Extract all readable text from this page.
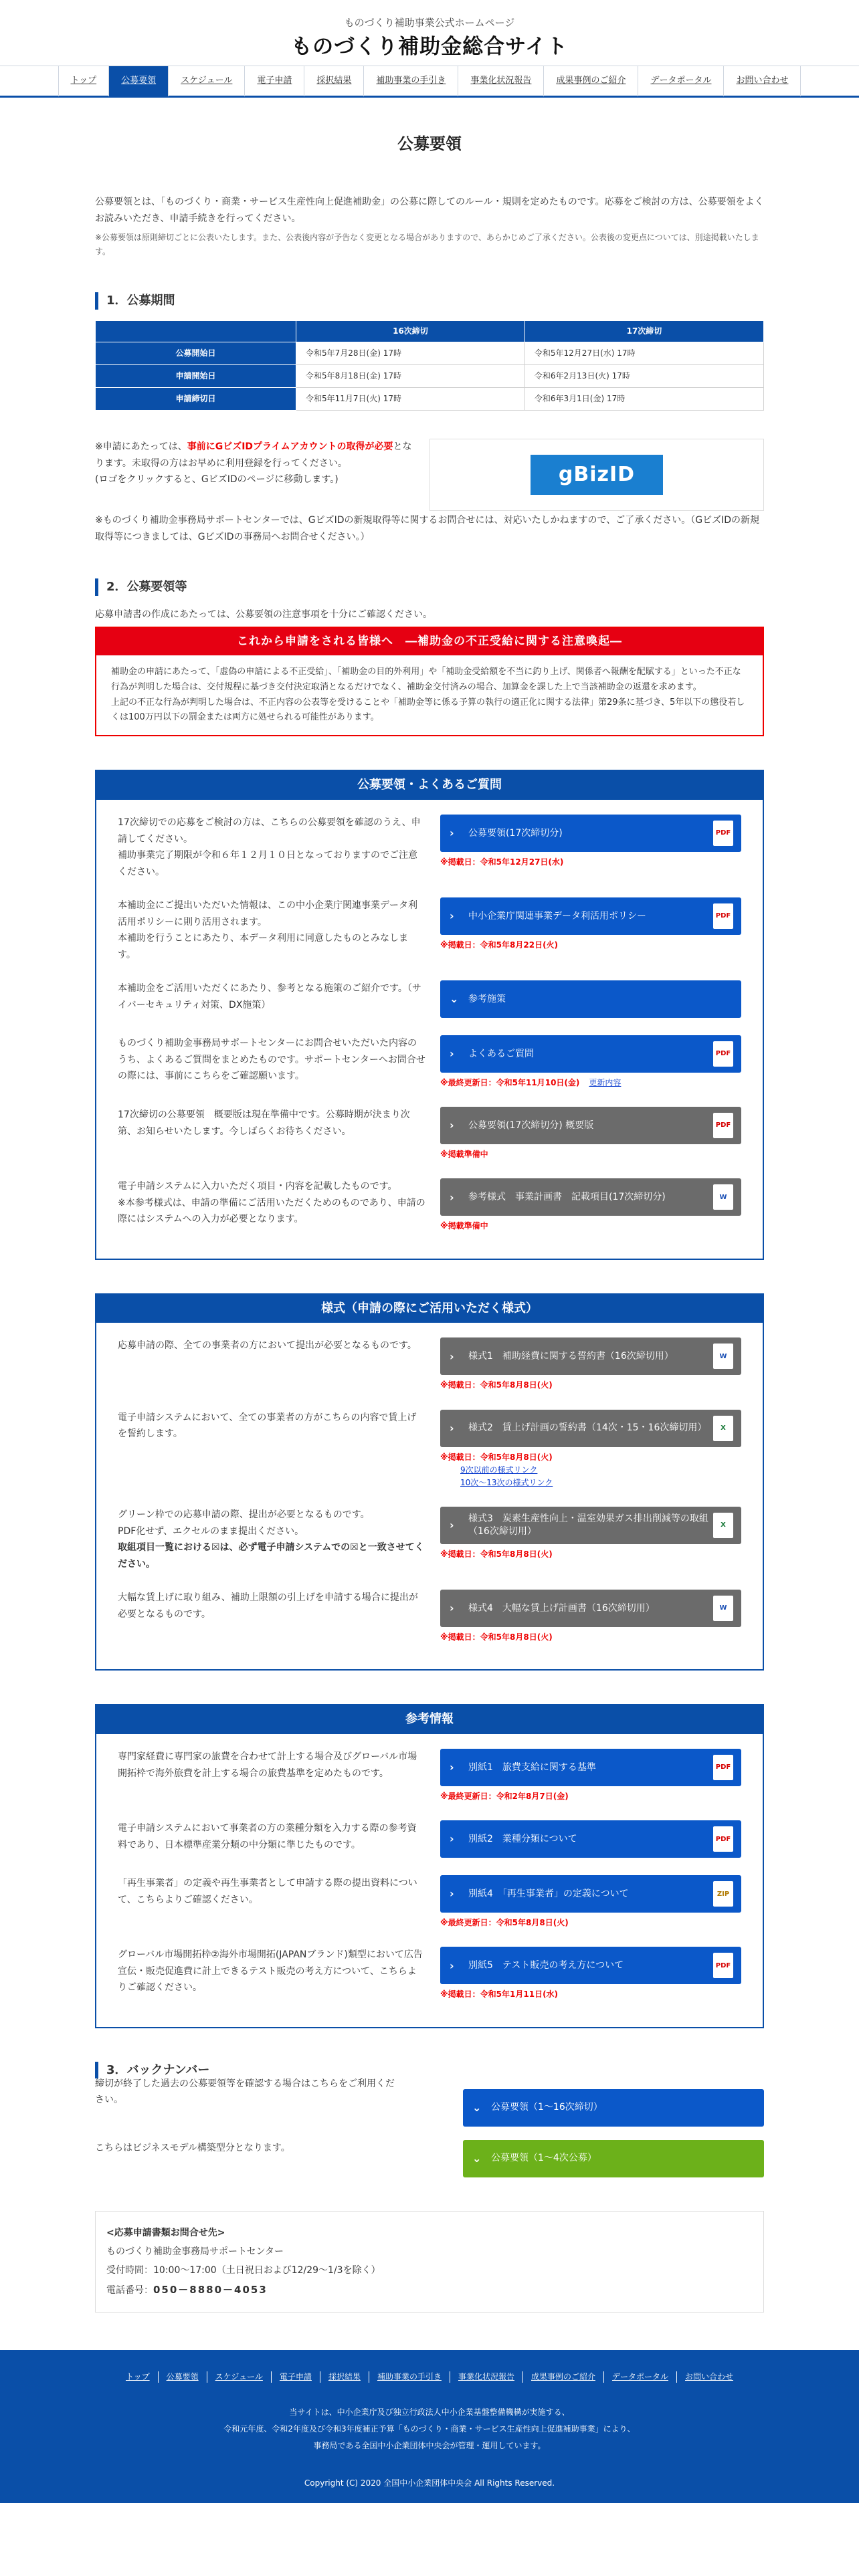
ものづくり補助事業公式ホームページ
ものづくり補助金総合サイト
トップ	公募要領	スケジュール	電子申請	採択結果	補助事業の手引き	事業化状況報告	成果事例のご紹介	データポータル	お問い合わせ
公募要領

公募要領とは、「ものづくり・商業・サービス生産性向上促進補助金」の公募に際してのルール・規則を定めたものです。応募をご検討の方は、公募要領をよくお読みいただき、申請手続きを行ってください。

※公募要領は原則締切ごとに公表いたします。また、公表後内容が予告なく変更となる場合がありますので、あらかじめご了承ください。公表後の変更点については、別途掲載いたします。

1．公募期間
	16次締切	17次締切
公募開始日	令和5年7月28日(金) 17時	令和5年12月27日(水) 17時
申請開始日	令和5年8月18日(金) 17時	令和6年2月13日(火) 17時
申請締切日	令和5年11月7日(火) 17時	令和6年3月1日(金) 17時

※申請にあたっては、事前にGビズIDプライムアカウントの取得が必要となります。未取得の方はお早めに利用登録を行ってください。
(ロゴをクリックすると、GビズIDのページに移動します。)	gBizID

※ものづくり補助金事務局サポートセンターでは、GビズIDの新規取得等に関するお問合せには、対応いたしかねますので、ご了承ください。（GビズIDの新規取得等につきましては、GビズIDの事務局へお問合せください。）

2．公募要領等

応募申請書の作成にあたっては、公募要領の注意事項を十分にご確認ください。

これから申請をされる皆様へ　―補助金の不正受給に関する注意喚起―

補助金の申請にあたって、「虚偽の申請による不正受給」、「補助金の目的外利用」や「補助金受給額を不当に釣り上げ、関係者へ報酬を配賦する」といった不正な行為が判明した場合は、交付規程に基づき交付決定取消となるだけでなく、補助金交付済みの場合、加算金を課した上で当該補助金の返還を求めます。

上記の不正な行為が判明した場合は、不正内容の公表等を受けることや「補助金等に係る予算の執行の適正化に関する法律」第29条に基づき、5年以下の懲役若しくは100万円以下の罰金または両方に処せられる可能性があります。

公募要領・よくあるご質問

17次締切での応募をご検討の方は、こちらの公募要領を確認のうえ、申請してください。
補助事業完了期限が令和６年１２月１０日となっておりますのでご注意ください。

›	公募要領(17次締切分)	PDF
※掲載日：令和5年12月27日(水)

本補助金にご提出いただいた情報は、この中小企業庁関連事業データ利活用ポリシーに則り活用されます。
本補助を行うことにあたり、本データ利用に同意したものとみなします。

›	中小企業庁関連事業データ利活用ポリシー	PDF
※掲載日：令和5年8月22日(火)

本補助金をご活用いただくにあたり、参考となる施策のご紹介です。（サイバーセキュリティ対策、DX施策）	⌄	参考施策

ものづくり補助金事務局サポートセンターにお問合せいただいた内容のうち、よくあるご質問をまとめたものです。サポートセンターへお問合せの際には、事前にこちらをご確認願います。

›	よくあるご質問	PDF
※最終更新日：令和5年11月10日(金) 更新内容

17次締切の公募要領　概要版は現在準備中です。公募時期が決まり次第、お知らせいたします。今しばらくお待ちください。	›	公募要領(17次締切分) 概要版	PDF
※掲載準備中

電子申請システムに入力いただく項目・内容を記載したものです。
※本参考様式は、申請の準備にご活用いただくためのものであり、申請の際にはシステムへの入力が必要となります。

›	参考様式　事業計画書　記載項目(17次締切分)	W
※掲載準備中
様式（申請の際にご活用いただく様式）

応募申請の際、全ての事業者の方において提出が必要となるものです。

›	様式1　補助経費に関する誓約書（16次締切用）	W
※掲載日：令和5年8月8日(火)

電子申請システムにおいて、全ての事業者の方がこちらの内容で賃上げを誓約します。	›	様式2　賃上げ計画の誓約書（14次・15・16次締切用）	X
※掲載日：令和5年8月8日(火)
9次以前の様式リンク
10次〜13次の様式リンク

グリーン枠での応募申請の際、提出が必要となるものです。
PDF化せず、エクセルのまま提出ください。
取組項目一覧における☒は、必ず電子申請システムでの☒と一致させてください。

›
様式3　炭素生産性向上・温室効果ガス排出削減等の取組（16次締切用）
X
※掲載日：令和5年8月8日(火)

大幅な賃上げに取り組み、補助上限額の引上げを申請する場合に提出が必要となるものです。	›	様式4　大幅な賃上げ計画書（16次締切用）	W
※掲載日：令和5年8月8日(火)
参考情報

専門家経費に専門家の旅費を合わせて計上する場合及びグローバル市場開拓枠で海外旅費を計上する場合の旅費基準を定めたものです。	›	別紙1　旅費支給に関する基準	PDF
※最終更新日：令和2年8月7日(金)

電子申請システムにおいて事業者の方の業種分類を入力する際の参考資料であり、日本標準産業分類の中分類に準じたものです。	›	別紙2　業種分類について	PDF

「再生事業者」の定義や再生事業者として申請する際の提出資料について、こちらよりご確認ください。	›	別紙4　「再生事業者」の定義について	ZIP
※最終更新日：令和5年8月8日(火)

グローバル市場開拓枠②海外市場開拓(JAPANブランド)類型において広告宣伝・販売促進費に計上できるテスト販売の考え方について、こちらよりご確認ください。

›	別紙5　テスト販売の考え方について	PDF
※掲載日：令和5年1月11日(水)
3．バックナンバー

締切が終了した過去の公募要領等を確認する場合はこちらをご利用ください。

⌄	公募要領（1～16次締切）

こちらはビジネスモデル構築型分となります。

⌄	公募要領（1～4次公募）
<応募申請書類お問合せ先>
ものづくり補助金事務局サポートセンター
受付時間：10:00～17:00（土日祝日および12/29～1/3を除く）
電話番号：050－8880－4053
トップ	公募要領	スケジュール	電子申請	採択結果	補助事業の手引き	事業化状況報告	成果事例のご紹介	データポータル	お問い合わせ
当サイトは、中小企業庁及び独立行政法人中小企業基盤整備機構が実施する、
令和元年度、令和2年度及び令和3年度補正予算「ものづくり・商業・サービス生産性向上促進補助事業」により、
事務局である全国中小企業団体中央会が管理・運用しています。
Copyright (C) 2020 全国中小企業団体中央会 All Rights Reserved.
